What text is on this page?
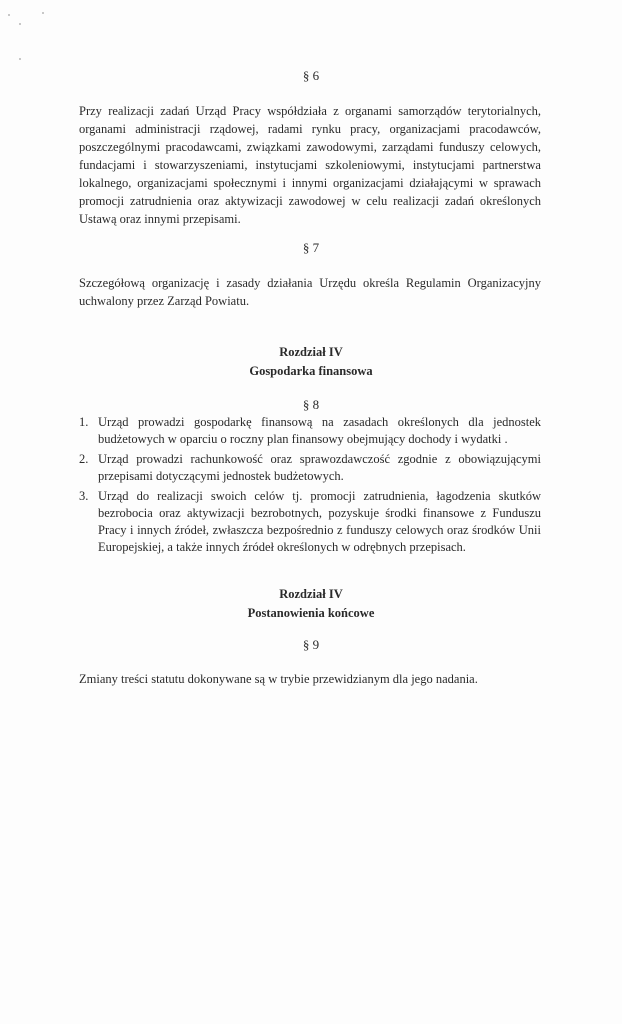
§ 6

Przy realizacji zadań Urząd Pracy współdziała z organami samorządów terytorialnych, organami administracji rządowej, radami rynku pracy, organizacjami pracodawców, poszczególnymi pracodawcami, związkami zawodowymi, zarządami funduszy celowych, fundacjami i stowarzyszeniami, instytucjami szkoleniowymi, instytucjami partnerstwa lokalnego, organizacjami społecznymi i innymi organizacjami działającymi w sprawach promocji zatrudnienia oraz aktywizacji zawodowej w celu realizacji zadań określonych Ustawą oraz innymi przepisami.

§ 7

Szczegółową organizację i zasady działania Urzędu określa Regulamin Organizacyjny uchwalony przez Zarząd Powiatu.

Rozdział IV
Gospodarka finansowa
§ 8
1. Urząd prowadzi gospodarkę finansową na zasadach określonych dla jednostek budżetowych w oparciu o roczny plan finansowy obejmujący dochody i wydatki .
2. Urząd prowadzi rachunkowość oraz sprawozdawczość zgodnie z obowiązującymi przepisami dotyczącymi jednostek budżetowych.
3. Urząd do realizacji swoich celów tj. promocji zatrudnienia, łagodzenia skutków bezrobocia oraz aktywizacji bezrobotnych, pozyskuje środki finansowe z Funduszu Pracy i innych źródeł, zwłaszcza bezpośrednio z funduszy celowych oraz środków Unii Europejskiej, a także innych źródeł określonych w odrębnych przepisach.
Rozdział IV
Postanowienia końcowe
§ 9

Zmiany treści statutu dokonywane są w trybie przewidzianym dla jego nadania.
